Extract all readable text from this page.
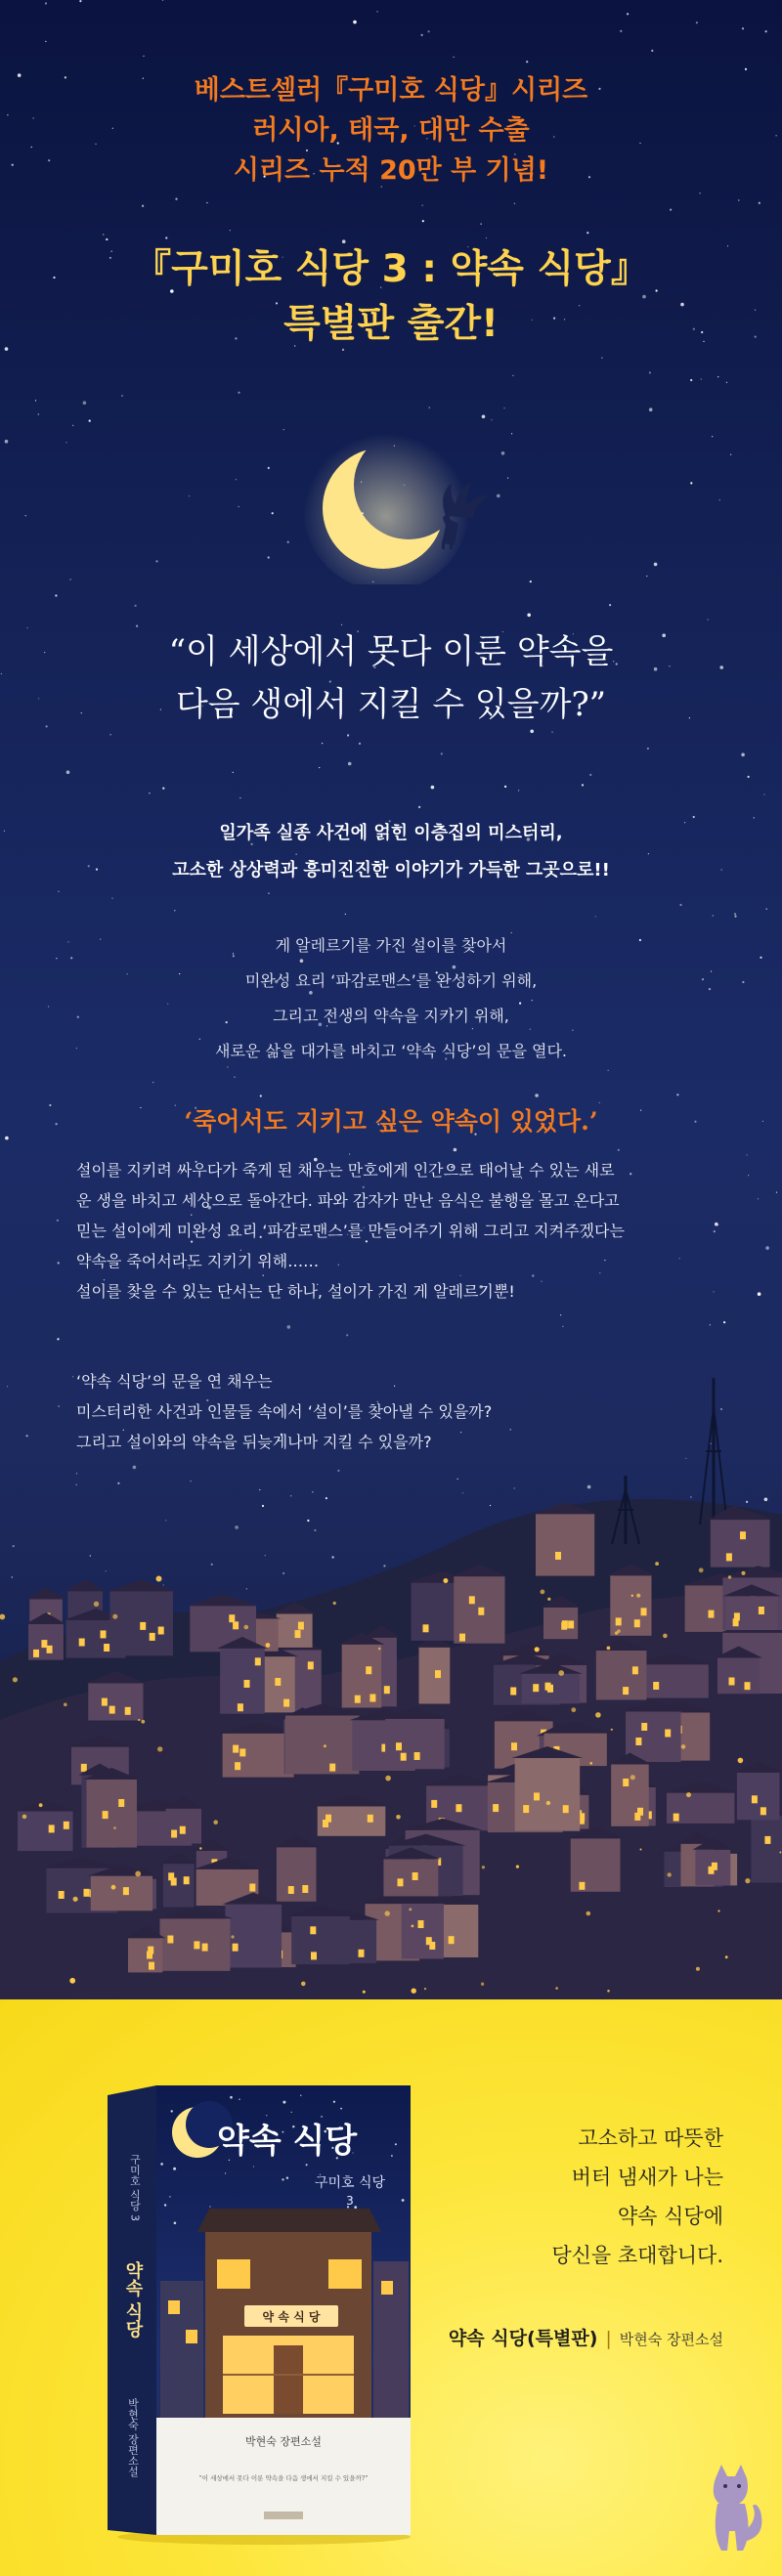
베스트셀러『구미호 식당』시리즈
러시아, 태국, 대만 수출
시리즈 누적 20만 부 기념!
『구미호 식당 3 : 약속 식당』
특별판 출간!
“이 세상에서 못다 이룬 약속을
다음 생에서 지킬 수 있을까?”
일가족 실종 사건에 얽힌 이층집의 미스터리,
고소한 상상력과 흥미진진한 이야기가 가득한 그곳으로!!
게 알레르기를 가진 설이를 찾아서
미완성 요리 ‘파감로맨스’를 완성하기 위해,
그리고 전생의 약속을 지키기 위해,
새로운 삶을 대가를 바치고 ‘약속 식당’의 문을 열다.
‘죽어서도 지키고 싶은 약속이 있었다.’

설이를 지키려 싸우다가 죽게 된 채우는 만호에게 인간으로 태어날 수 있는 새로

운 생을 바치고 세상으로 돌아간다. 파와 감자가 만난 음식은 불행을 몰고 온다고

믿는 설이에게 미완성 요리 ‘파감로맨스’를 만들어주기 위해 그리고 지켜주겠다는

약속을 죽어서라도 지키기 위해……

설이를 찾을 수 있는 단서는 단 하나, 설이가 가진 게 알레르기뿐!

‘약속 식당’의 문을 연 채우는

미스터리한 사건과 인물들 속에서 ‘설이’를 찾아낼 수 있을까?

그리고 설이와의 약속을 뒤늦게나마 지킬 수 있을까?

구미호 식당 3
약속 식당
박현숙 장편소설
약속 식당
구미호 식당
3
약 속 식 당
박현숙 장편소설
“이 세상에서 못다 이룬 약속을 다음 생에서 지킬 수 있을까?”
고소하고 따뜻한
버터 냄새가 나는
약속 식당에
당신을 초대합니다.
약속 식당(특별판) | 박현숙 장편소설
